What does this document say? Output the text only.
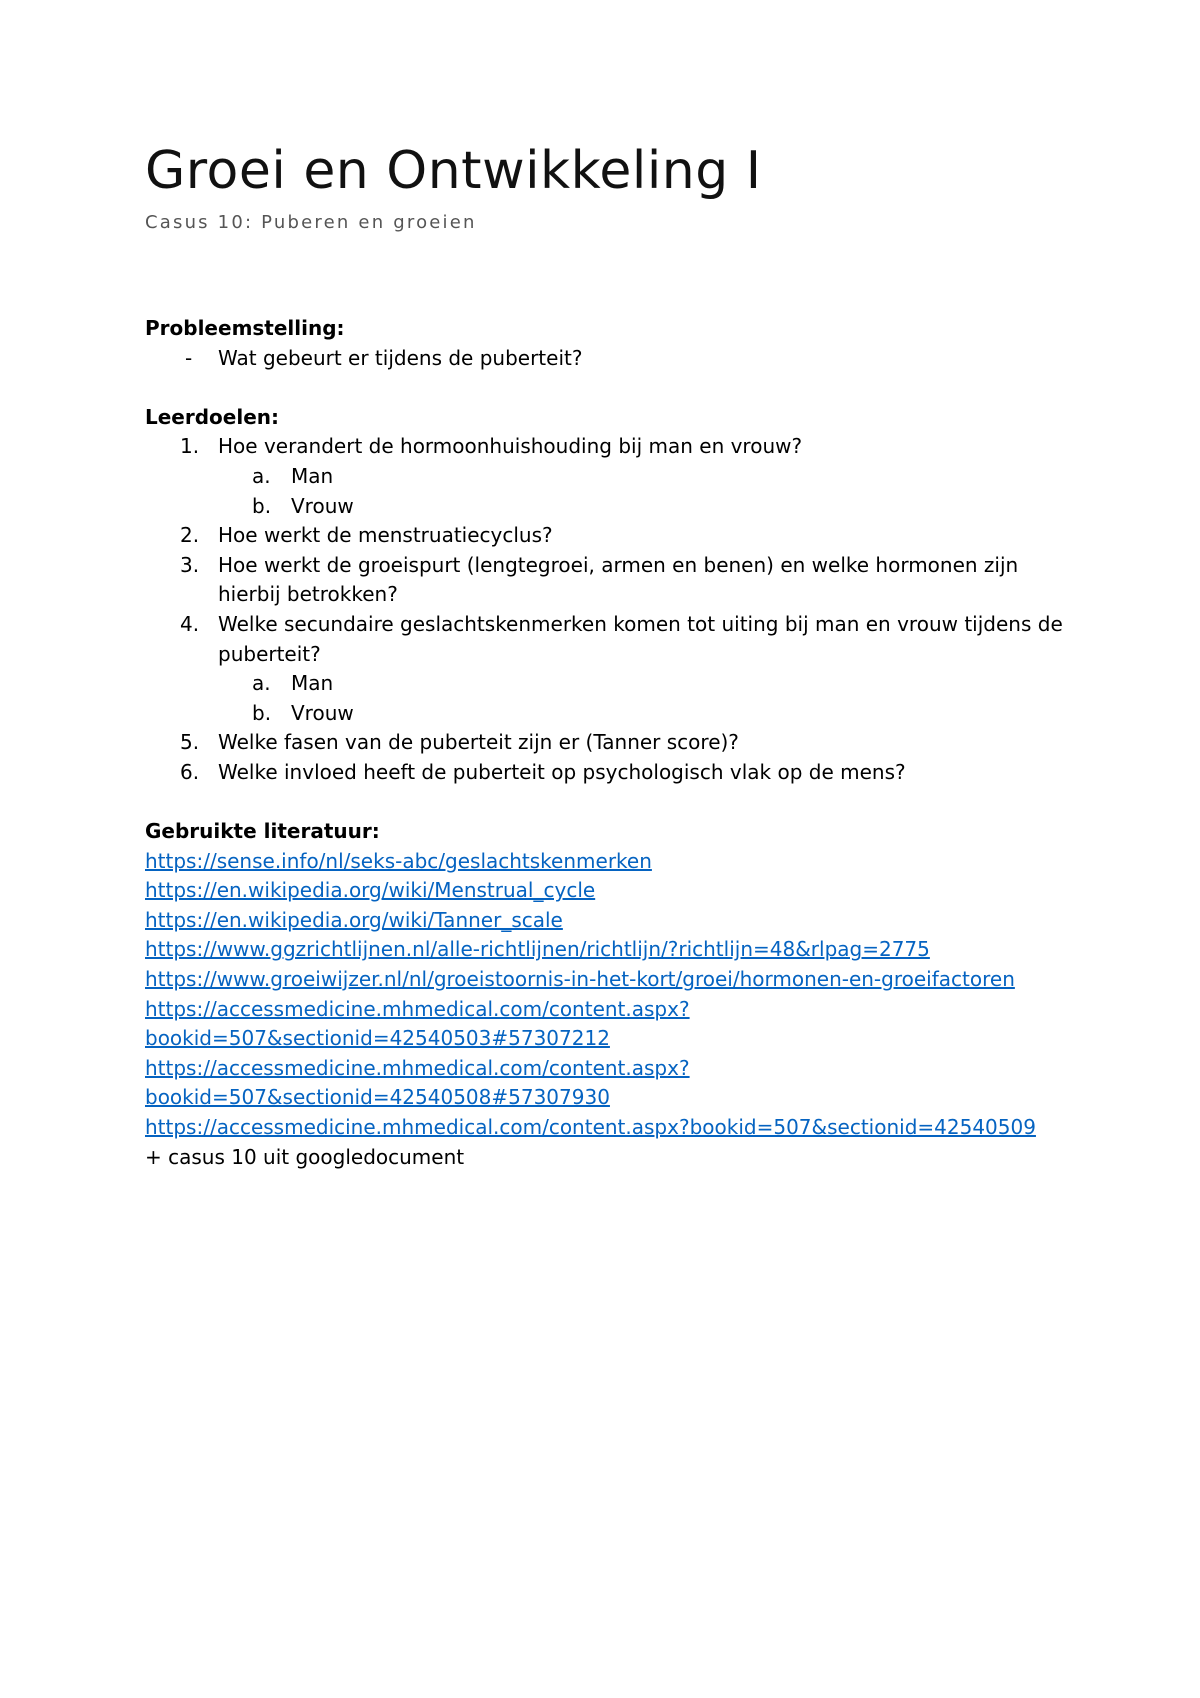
Groei en Ontwikkeling I
Casus 10: Puberen en groeien
Probleemstelling:
- Wat gebeurt er tijdens de puberteit?
Leerdoelen:
1. Hoe verandert de hormoonhuishouding bij man en vrouw?
a. Man
b. Vrouw
2. Hoe werkt de menstruatiecyclus?
3. Hoe werkt de groeispurt (lengtegroei, armen en benen) en welke hormonen zijn
hierbij betrokken?
4. Welke secundaire geslachtskenmerken komen tot uiting bij man en vrouw tijdens de
puberteit?
a. Man
b. Vrouw
5. Welke fasen van de puberteit zijn er (Tanner score)?
6. Welke invloed heeft de puberteit op psychologisch vlak op de mens?
Gebruikte literatuur:
https://sense.info/nl/seks-abc/geslachtskenmerken
https://en.wikipedia.org/wiki/Menstrual_cycle
https://en.wikipedia.org/wiki/Tanner_scale
https://www.ggzrichtlijnen.nl/alle-richtlijnen/richtlijn/?richtlijn=48&rlpag=2775
https://www.groeiwijzer.nl/nl/groeistoornis-in-het-kort/groei/hormonen-en-groeifactoren
https://accessmedicine.mhmedical.com/content.aspx?
bookid=507&sectionid=42540503#57307212
https://accessmedicine.mhmedical.com/content.aspx?
bookid=507&sectionid=42540508#57307930
https://accessmedicine.mhmedical.com/content.aspx?bookid=507&sectionid=42540509
+ casus 10 uit googledocument
